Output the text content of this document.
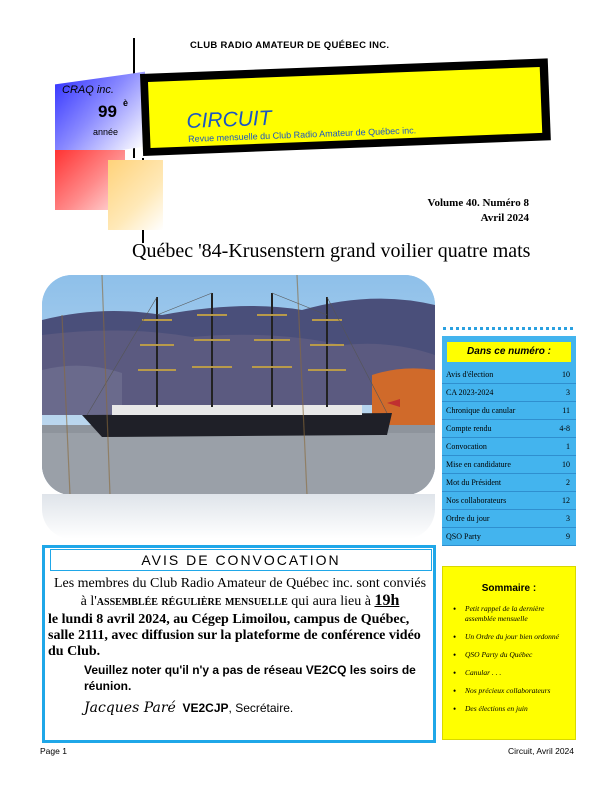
CLUB RADIO AMATEUR DE QUÉBEC INC.
CRAQ inc.
99 è
année	CIRCUIT
Revue mensuelle du Club Radio Amateur de Québec inc.
Volume 40. Numéro 8
Avril 2024
Québec '84-Krusenstern grand voilier quatre mats
Dans ce numéro :
Avis d'élection	10
CA 2023-2024	3
Chronique du canular	11
Compte rendu	4-8
Convocation	1
Mise en candidature	10
Mot du Président	2
Nos collaborateurs	12
Ordre du jour	3
QSO Party	9
AVIS DE CONVOCATION
Les membres du Club Radio Amateur de Québec inc. sont conviés à l'assemblée régulière mensuelle qui aura lieu à 19h
le lundi 8 avril 2024, au Cégep Limoilou, campus de Québec, salle 2111, avec diffusion sur la plateforme de conférence vidéo du Club.
Veuillez noter qu'il n'y a pas de réseau VE2CQ les soirs de réunion.
Jacques Paré VE2CJP, Secrétaire.
Sommaire :
• Petit rappel de la dernière assemblée mensuelle
• Un Ordre du jour bien ordonné
• QSO Party du Québec
• Canular . . .
• Nos précieux collaborateurs
• Des élections en juin
Page 1	Circuit, Avril 2024
